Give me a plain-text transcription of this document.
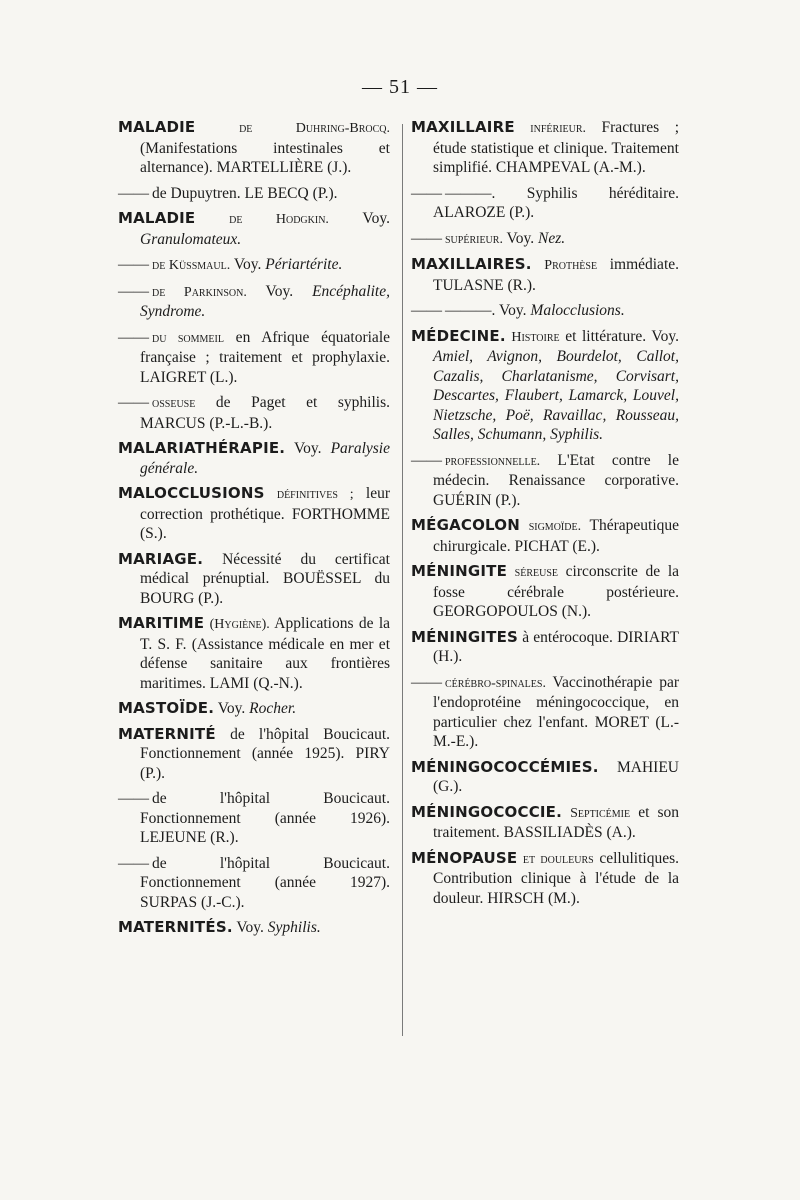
— 51 —

MALADIE	de Duhring-Brocq. (Manifestations intestinales et alternance). MARTELLIÈRE (J.).

—— de Dupuytren. LE BECQ (P.).

MALADIE de Hodgkin. Voy. Granulomateux.

—— de Küssmaul. Voy. Périartérite.

—— de Parkinson. Voy. Encéphalite, Syndrome.

—— du sommeil en Afrique équatoriale française ; traitement et prophylaxie. LAIGRET (L.).

—— osseuse de Paget et syphilis. MARCUS (P.-L.-B.).

MALARIATHÉRAPIE. Voy. Paralysie générale.

MALOCCLUSIONS définitives ; leur correction prothétique. FORTHOMME (S.).

MARIAGE. Nécessité du certificat médical prénuptial. BOUËSSEL du BOURG (P.).

MARITIME (Hygiène). Applications de la T. S. F. (Assistance médicale en mer et défense sanitaire aux frontières maritimes. LAMI (Q.-N.).

MASTOÏDE. Voy. Rocher.

MATERNITÉ de l'hôpital Boucicaut. Fonctionnement (année 1925). PIRY (P.).

—— de l'hôpital Boucicaut. Fonctionnement (année 1926). LEJEUNE (R.).

—— de l'hôpital Boucicaut. Fonctionnement (année 1927). SURPAS (J.-C.).

MATERNITÉS. Voy. Syphilis.

MAXILLAIRE inférieur. Fractures ; étude statistique et clinique. Traitement simplifié. CHAMPEVAL (A.-M.).

—— ———. Syphilis héréditaire. ALAROZE (P.).

—— supérieur. Voy. Nez.

MAXILLAIRES. Prothèse immédiate. TULASNE (R.).

—— ———. Voy. Malocclusions.

MÉDECINE. Histoire et littérature. Voy. Amiel, Avignon, Bourdelot, Callot, Cazalis, Charlatanisme, Corvisart, Descartes, Flaubert, Lamarck, Louvel, Nietzsche, Poë, Ravaillac, Rousseau, Salles, Schumann, Syphilis.

—— professionnelle. L'Etat contre le médecin. Renaissance corporative. GUÉRIN (P.).

MÉGACOLON sigmoïde. Thérapeutique chirurgicale. PICHAT (E.).

MÉNINGITE séreuse circonscrite de la fosse cérébrale postérieure. GEORGOPOULOS (N.).

MÉNINGITES à entérocoque. DIRIART (H.).

—— cérébro-spinales. Vaccinothérapie par l'endoprotéine méningococcique, en particulier chez l'enfant. MORET (L.-M.-E.).

MÉNINGOCOCCÉMIES. MAHIEU (G.).

MÉNINGOCOCCIE. Septicémie et son traitement. BASSILIADÈS (A.).

MÉNOPAUSE et douleurs cellulitiques. Contribution clinique à l'étude de la douleur. HIRSCH (M.).
